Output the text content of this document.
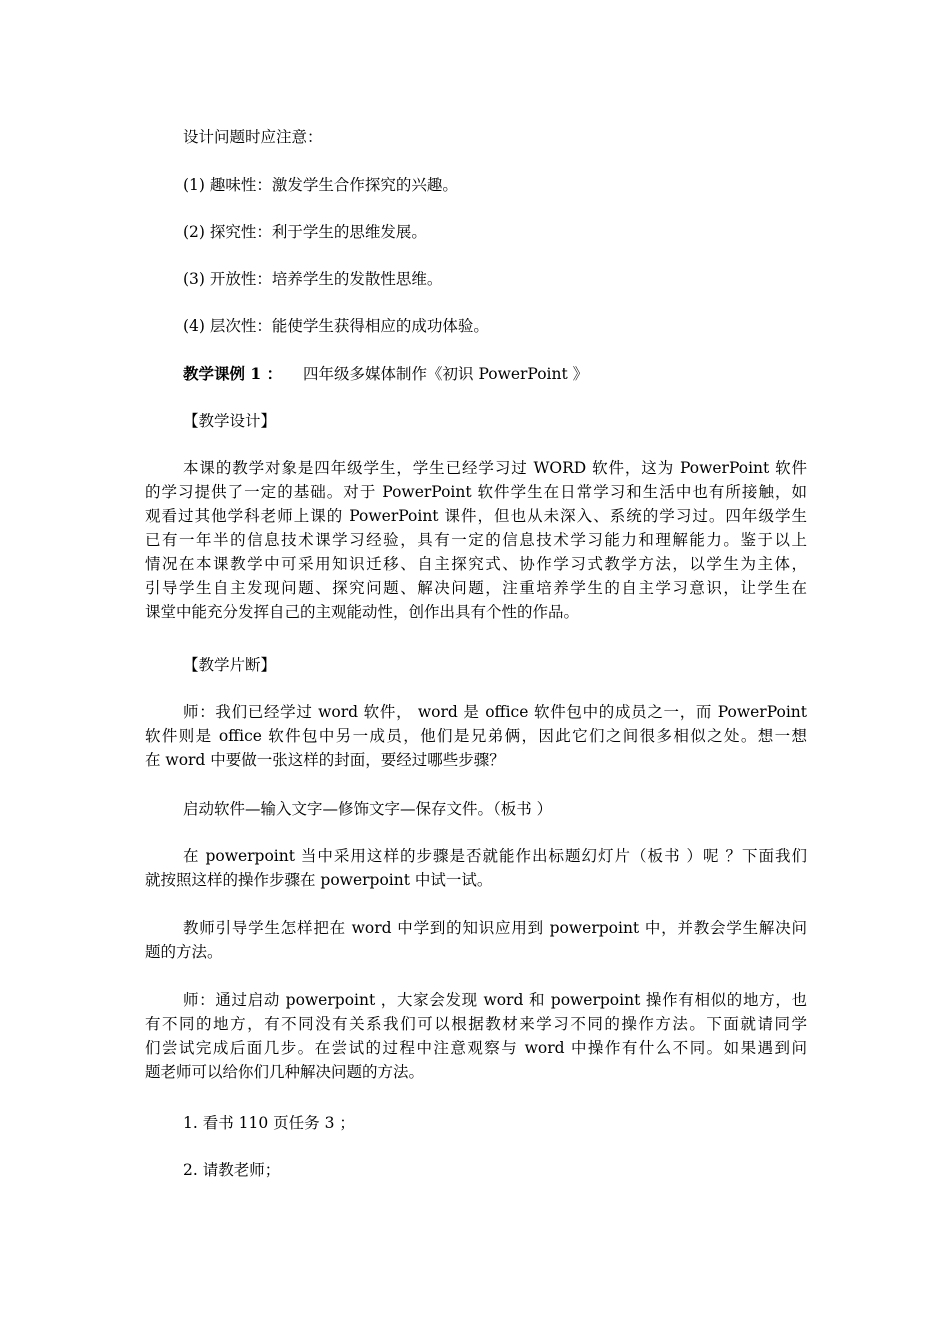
设计问题时应注意：
(1) 趣味性：激发学生合作探究的兴趣。
(2) 探究性：利于学生的思维发展。
(3) 开放性：培养学生的发散性思维。
(4) 层次性：能使学生获得相应的成功体验。
教学课例 1 ： 四年级多媒体制作《初识 PowerPoint 》
【教学设计】
本课的教学对象是四年级学生，学生已经学习过 WORD 软件，这为 PowerPoint 软件
的学习提供了一定的基础。对于 PowerPoint 软件学生在日常学习和生活中也有所接触，如
观看过其他学科老师上课的 PowerPoint 课件，但也从未深入、系统的学习过。四年级学生
已有一年半的信息技术课学习经验，具有一定的信息技术学习能力和理解能力。鉴于以上
情况在本课教学中可采用知识迁移、自主探究式、协作学习式教学方法，以学生为主体，
引导学生自主发现问题、探究问题、解决问题，注重培养学生的自主学习意识，让学生在
课堂中能充分发挥自己的主观能动性，创作出具有个性的作品。
【教学片断】
师：我们已经学过 word 软件， word 是 office 软件包中的成员之一，而 PowerPoint
软件则是 office 软件包中另一成员，他们是兄弟俩，因此它们之间很多相似之处。想一想
在 word 中要做一张这样的封面，要经过哪些步骤？
启动软件—输入文字—修饰文字—保存文件。（板书 ）
在 powerpoint 当中采用这样的步骤是否就能作出标题幻灯片（板书 ）呢 ？下面我们
就按照这样的操作步骤在 powerpoint 中试一试。
教师引导学生怎样把在 word 中学到的知识应用到 powerpoint 中，并教会学生解决问
题的方法。
师：通过启动 powerpoint ，大家会发现 word 和 powerpoint 操作有相似的地方，也
有不同的地方，有不同没有关系我们可以根据教材来学习不同的操作方法。下面就请同学
们尝试完成后面几步。在尝试的过程中注意观察与 word 中操作有什么不同。如果遇到问
题老师可以给你们几种解决问题的方法。
1. 看书 110 页任务 3 ；
2. 请教老师；
